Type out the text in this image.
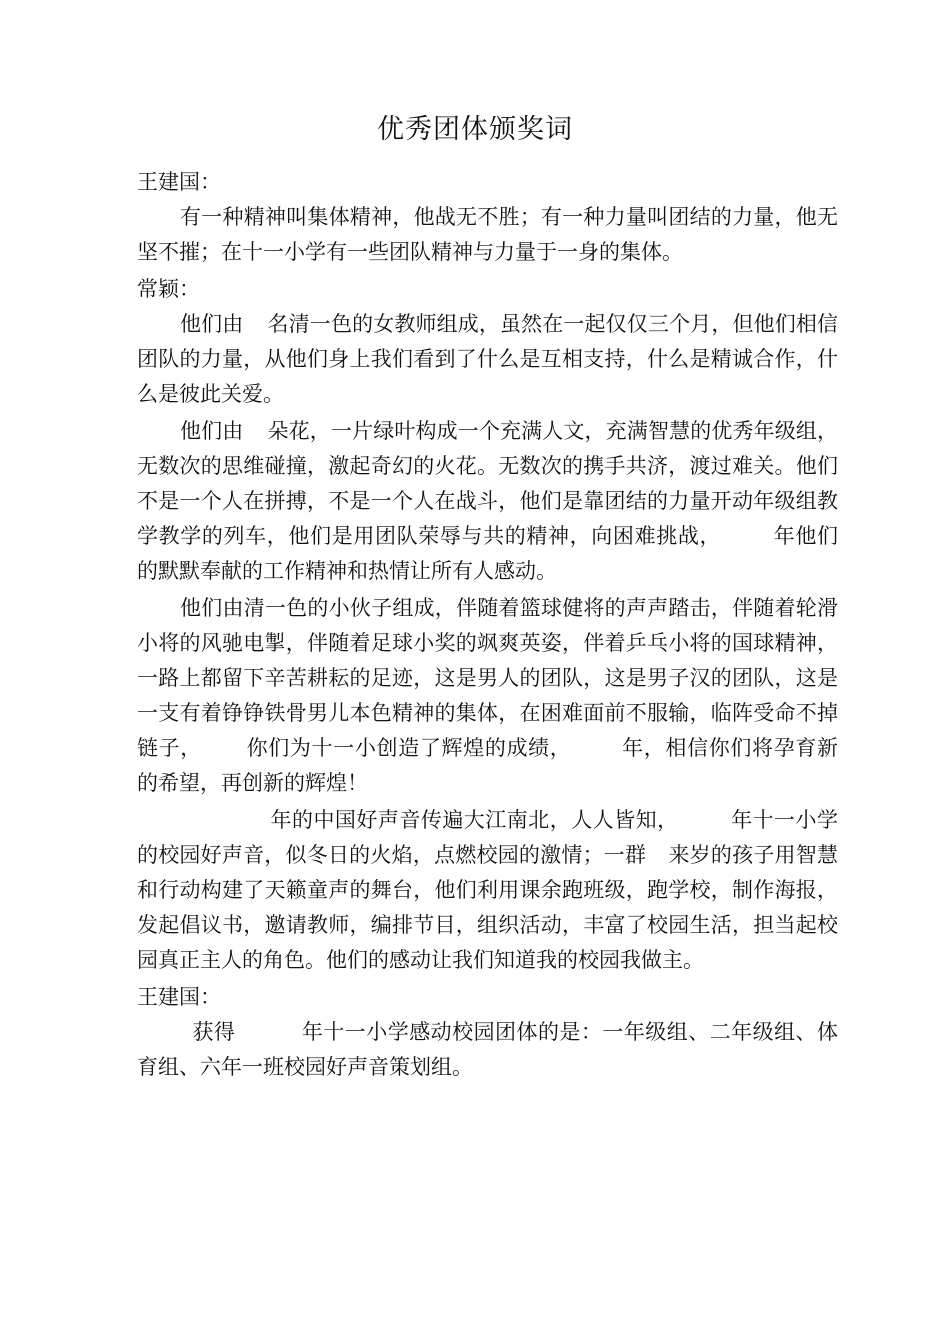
优秀团体颁奖词

王建国：

有一种精神叫集体精神，他战无不胜；有一种力量叫团结的力量，他无坚不摧；在十一小学有一些团队精神与力量于一身的集体。

常颖：

他们由 名清一色的女教师组成，虽然在一起仅仅三个月，但他们相信团队的力量，从他们身上我们看到了什么是互相支持，什么是精诚合作，什么是彼此关爱。

他们由 朵花，一片绿叶构成一个充满人文，充满智慧的优秀年级组，无数次的思维碰撞，激起奇幻的火花。无数次的携手共济，渡过难关。他们不是一个人在拼搏，不是一个人在战斗，他们是靠团结的力量开动年级组教学教学的列车，他们是用团队荣辱与共的精神，向困难挑战， 年他们的默默奉献的工作精神和热情让所有人感动。

他们由清一色的小伙子组成，伴随着篮球健将的声声踏击，伴随着轮滑小将的风驰电掣，伴随着足球小奖的飒爽英姿，伴着乒乓小将的国球精神，一路上都留下辛苦耕耘的足迹，这是男人的团队，这是男子汉的团队，这是一支有着铮铮铁骨男儿本色精神的集体，在困难面前不服输，临阵受命不掉链子， 你们为十一小创造了辉煌的成绩， 年，相信你们将孕育新的希望，再创新的辉煌！

年的中国好声音传遍大江南北，人人皆知， 年十一小学的校园好声音，似冬日的火焰，点燃校园的激情；一群 来岁的孩子用智慧和行动构建了天籁童声的舞台，他们利用课余跑班级，跑学校，制作海报，发起倡议书，邀请教师，编排节目，组织活动，丰富了校园生活，担当起校园真正主人的角色。他们的感动让我们知道我的校园我做主。

王建国：

获得	年十一小学感动校园团体的是：一年级组、二年级组、体育组、六年一班校园好声音策划组。
